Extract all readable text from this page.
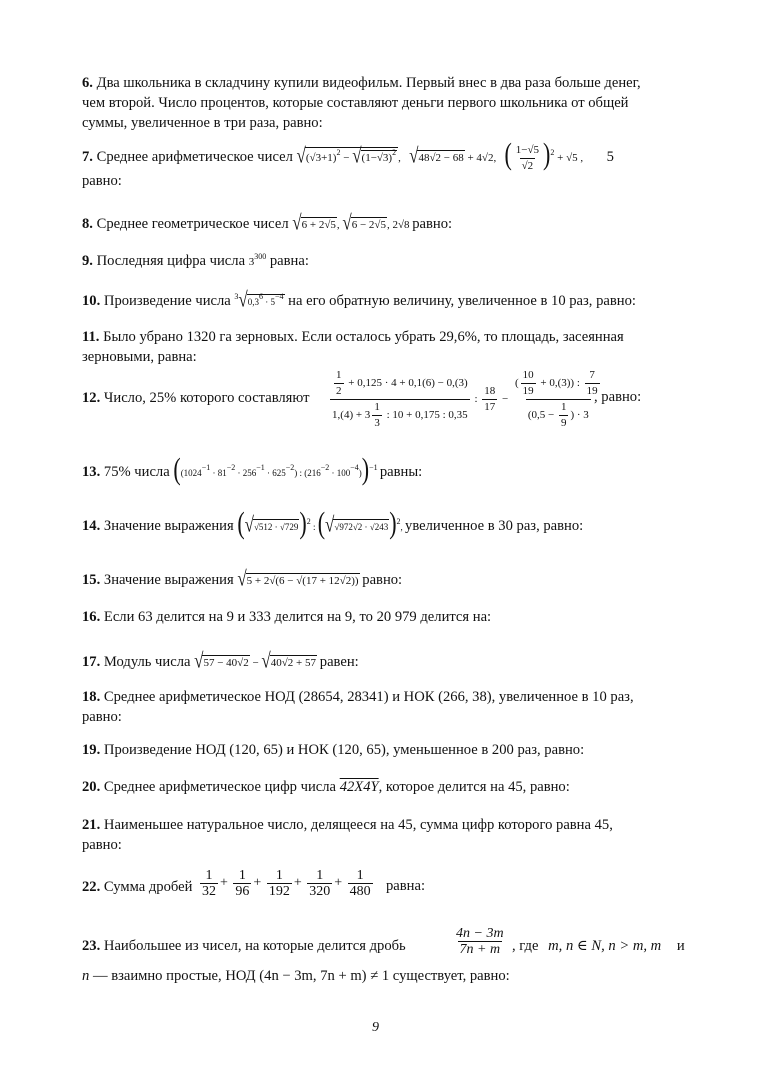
6. Два школьника в складчину купили видеофильм. Первый внес в два раза больше денег,
чем второй. Число процентов, которые составляют деньги первого школьника от общей
суммы, увеличенное в три раза, равно:
7. Среднее арифметическое чисел $√(√3+1)^2 - √(1-√3)^2$ ,   √48√2 − 68 + 4√2,   ( $\frac{1-√5}{√2} )^2 + √5$ ,  5
равно:
8. Среднее геометрическое чисел √6 + 2√5, √6 − 2√5, 2√8 равно:
9. Последняя цифра числа $3^{300}$ равна:
10. Произведение числа 3√0,36 · 5−4 на его обратную величину, увеличенное в 10 раз, равно:
11. Было убрано 1320 га зерновых. Если осталось убрать 29,6%, то площадь, засеянная
зерновыми, равна:
12. Число, 25% которого составляют	$\frac{\frac{1}{2} + 0,125 \cdot 4 + 0,1(6) - 0,(3)}{1,(4) + 3 \frac{1}{3} : 10 + 0,175 : 0,35}$ : $\frac{18}{17} - \frac{( \frac{10}{19} + 0,(3)) : \frac{7}{19}}{(0,5 - \frac{1}{9} ) \cdot 3}$
, равно:
13. 75% числа ((1024−1 · 81−2 · 256−1 · 625−2) : (216−2 · 100−4))−1 равны:
14. Значение выражения (√√512 · √729)2 : (√√972√2 · √243)2, увеличенное в 30 раз, равно:
15. Значение выражения √5 + 2√(6 − √(17 + 12√2)) равно:
16. Если 63 делится на 9 и 333 делится на 9, то 20 979 делится на:
17. Модуль числа √57 − 40√2 − √40√2 + 57 равен:
18. Среднее арифметическое НОД (28654, 28341) и НОК (266, 38), увеличенное в 10 раз,
равно:
19. Произведение НОД (120, 65) и НОК (120, 65), уменьшенное в 200 раз, равно:
20. Среднее арифметическое цифр числа 42X4Y, которое делится на 45, равно:
21. Наименьшее натуральное число, делящееся на 45, сумма цифр которого равна 45,
равно:
22. Сумма дробей $\frac{1}{32} + \frac{1}{96} + \frac{1}{192} + \frac{1}{320} + \frac{1}{480}$ равна:
23. Наибольшее из чисел, на которые делится дробь	$\frac{4n - 3m}{7n + m}$ , где m, n ∈ N, n > m, m и
n — взаимно простые, НОД (4n − 3m, 7n + m) ≠ 1 существует, равно:
9
